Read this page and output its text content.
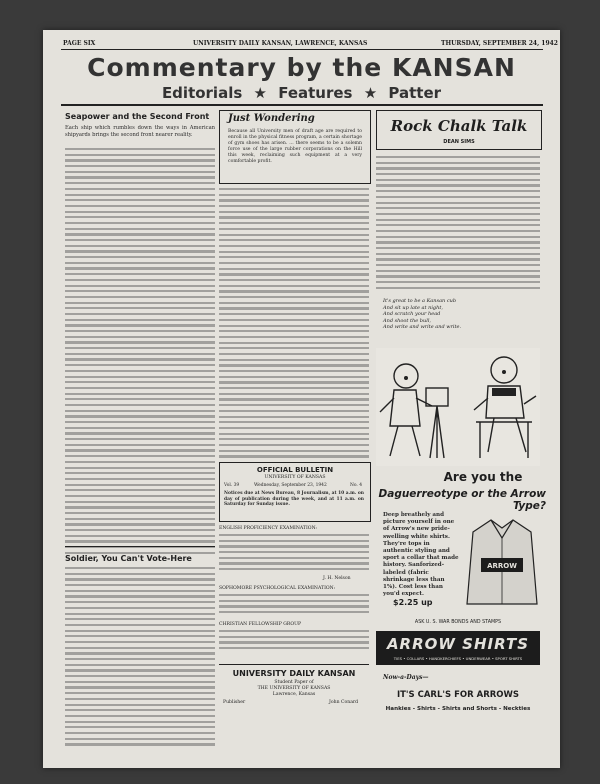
PAGE SIX	UNIVERSITY DAILY KANSAN, LAWRENCE, KANSAS	THURSDAY, SEPTEMBER 24, 1942
Commentary by the KANSAN
Editorials ★ Features ★ Patter
Seapower and the Second Front
Each ship which rumbles down the ways in American shipyards brings the second front nearer reality.
Soldier, You Can't Vote-Here
Just Wondering
Because all University men of draft age are required to enroll in the physical fitness program, a certain shortage of gym shoes has arisen. ... there seems to be a solemn force use of the large rubber corporations on the Hill this week, reclaiming such equipment at a very comfortable profit.
OFFICIAL BULLETIN
UNIVERSITY OF KANSAS
Vol. 39	Wednesday, September 23, 1942	No. 4
Notices due at News Bureau, 8 Journalism, at 10 a.m. on day of publication during the week, and at 11 a.m. on Saturday for Sunday issue.
ENGLISH PROFICIENCY EXAMINATION:
J. H. Nelson
SOPHOMORE PSYCHOLOGICAL EXAMINATION:
CHRISTIAN FELLOWSHIP GROUP
UNIVERSITY DAILY KANSAN
Student Paper of
THE UNIVERSITY OF KANSAS
Lawrence, Kansas
Publisher	John Conard
Rock Chalk Talk
DEAN SIMS
It's great to be a Kansan cub
And sit up late at night,
And scratch your head
And shoot the bull,
And write and write and write.
Are you the
Daguerreotype or the Arrow Type?
Deep breathely and picture yourself in one of Arrow's new pride-swelling white shirts. They're tops in authentic styling and sport a collar that made history. Sanforized-labeled (fabric shrinkage less than 1%). Cost less than you'd expect.
$2.25 up
ARROW
ASK U. S. WAR BONDS AND STAMPS
ARROW SHIRTS
TIES • COLLARS • HANDKERCHIEFS • UNDERWEAR • SPORT SHIRTS
Now-a-Days—
IT'S CARL'S FOR ARROWS
Hankies - Shirts - Shirts and Shorts - Neckties
